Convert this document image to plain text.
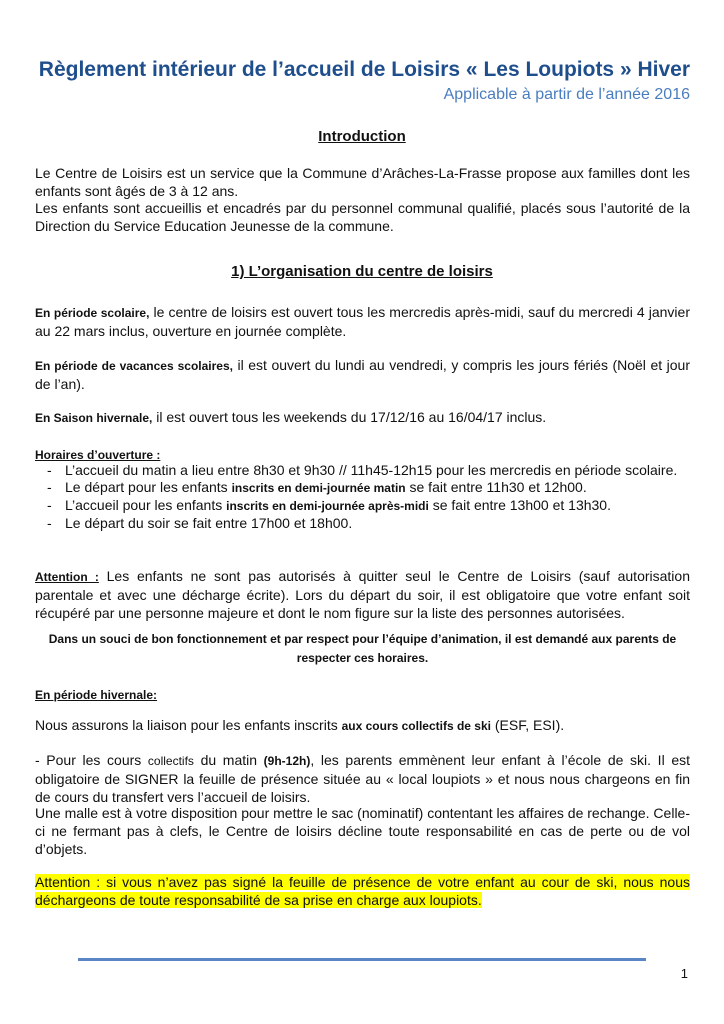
Règlement intérieur de l’accueil de Loisirs « Les Loupiots » Hiver
Applicable à partir de l’année 2016
Introduction
Le Centre de Loisirs est un service que la Commune d’Arâches-La-Frasse propose aux familles dont les enfants sont âgés de 3 à 12 ans.
Les enfants sont accueillis et encadrés par du personnel communal qualifié, placés sous l’autorité de la Direction du Service Education Jeunesse de la commune.
1) L’organisation du centre de loisirs
En période scolaire, le centre de loisirs est ouvert tous les mercredis après-midi, sauf du mercredi 4 janvier au 22 mars inclus, ouverture en journée complète.
En période de vacances scolaires, il est ouvert du lundi au vendredi, y compris les jours fériés (Noël et jour de l’an).
En Saison hivernale, il est ouvert tous les weekends du 17/12/16 au 16/04/17 inclus.
Horaires d’ouverture :
- L’accueil du matin a lieu entre 8h30 et 9h30 // 11h45-12h15 pour les mercredis en période scolaire.
- Le départ pour les enfants inscrits en demi-journée matin se fait entre 11h30 et 12h00.
- L’accueil pour les enfants inscrits en demi-journée après-midi se fait entre 13h00 et 13h30.
- Le départ du soir se fait entre 17h00 et 18h00.
Attention : Les enfants ne sont pas autorisés à quitter seul le Centre de Loisirs (sauf autorisation parentale et avec une décharge écrite). Lors du départ du soir, il est obligatoire que votre enfant soit récupéré par une personne majeure et dont le nom figure sur la liste des personnes autorisées.
Dans un souci de bon fonctionnement et par respect pour l’équipe d’animation, il est demandé aux parents de respecter ces horaires.
En période hivernale:
Nous assurons la liaison pour les enfants inscrits aux cours collectifs de ski (ESF, ESI).
- Pour les cours collectifs du matin (9h-12h), les parents emmènent leur enfant à l’école de ski. Il est obligatoire de SIGNER la feuille de présence située au « local loupiots » et nous nous chargeons en fin de cours du transfert vers l’accueil de loisirs.
Une malle est à votre disposition pour mettre le sac (nominatif) contentant les affaires de rechange. Celle-ci ne fermant pas à clefs, le Centre de loisirs décline toute responsabilité en cas de perte ou de vol d’objets.
Attention : si vous n’avez pas signé la feuille de présence de votre enfant au cour de ski, nous nous déchargeons de toute responsabilité de sa prise en charge aux loupiots.
1
